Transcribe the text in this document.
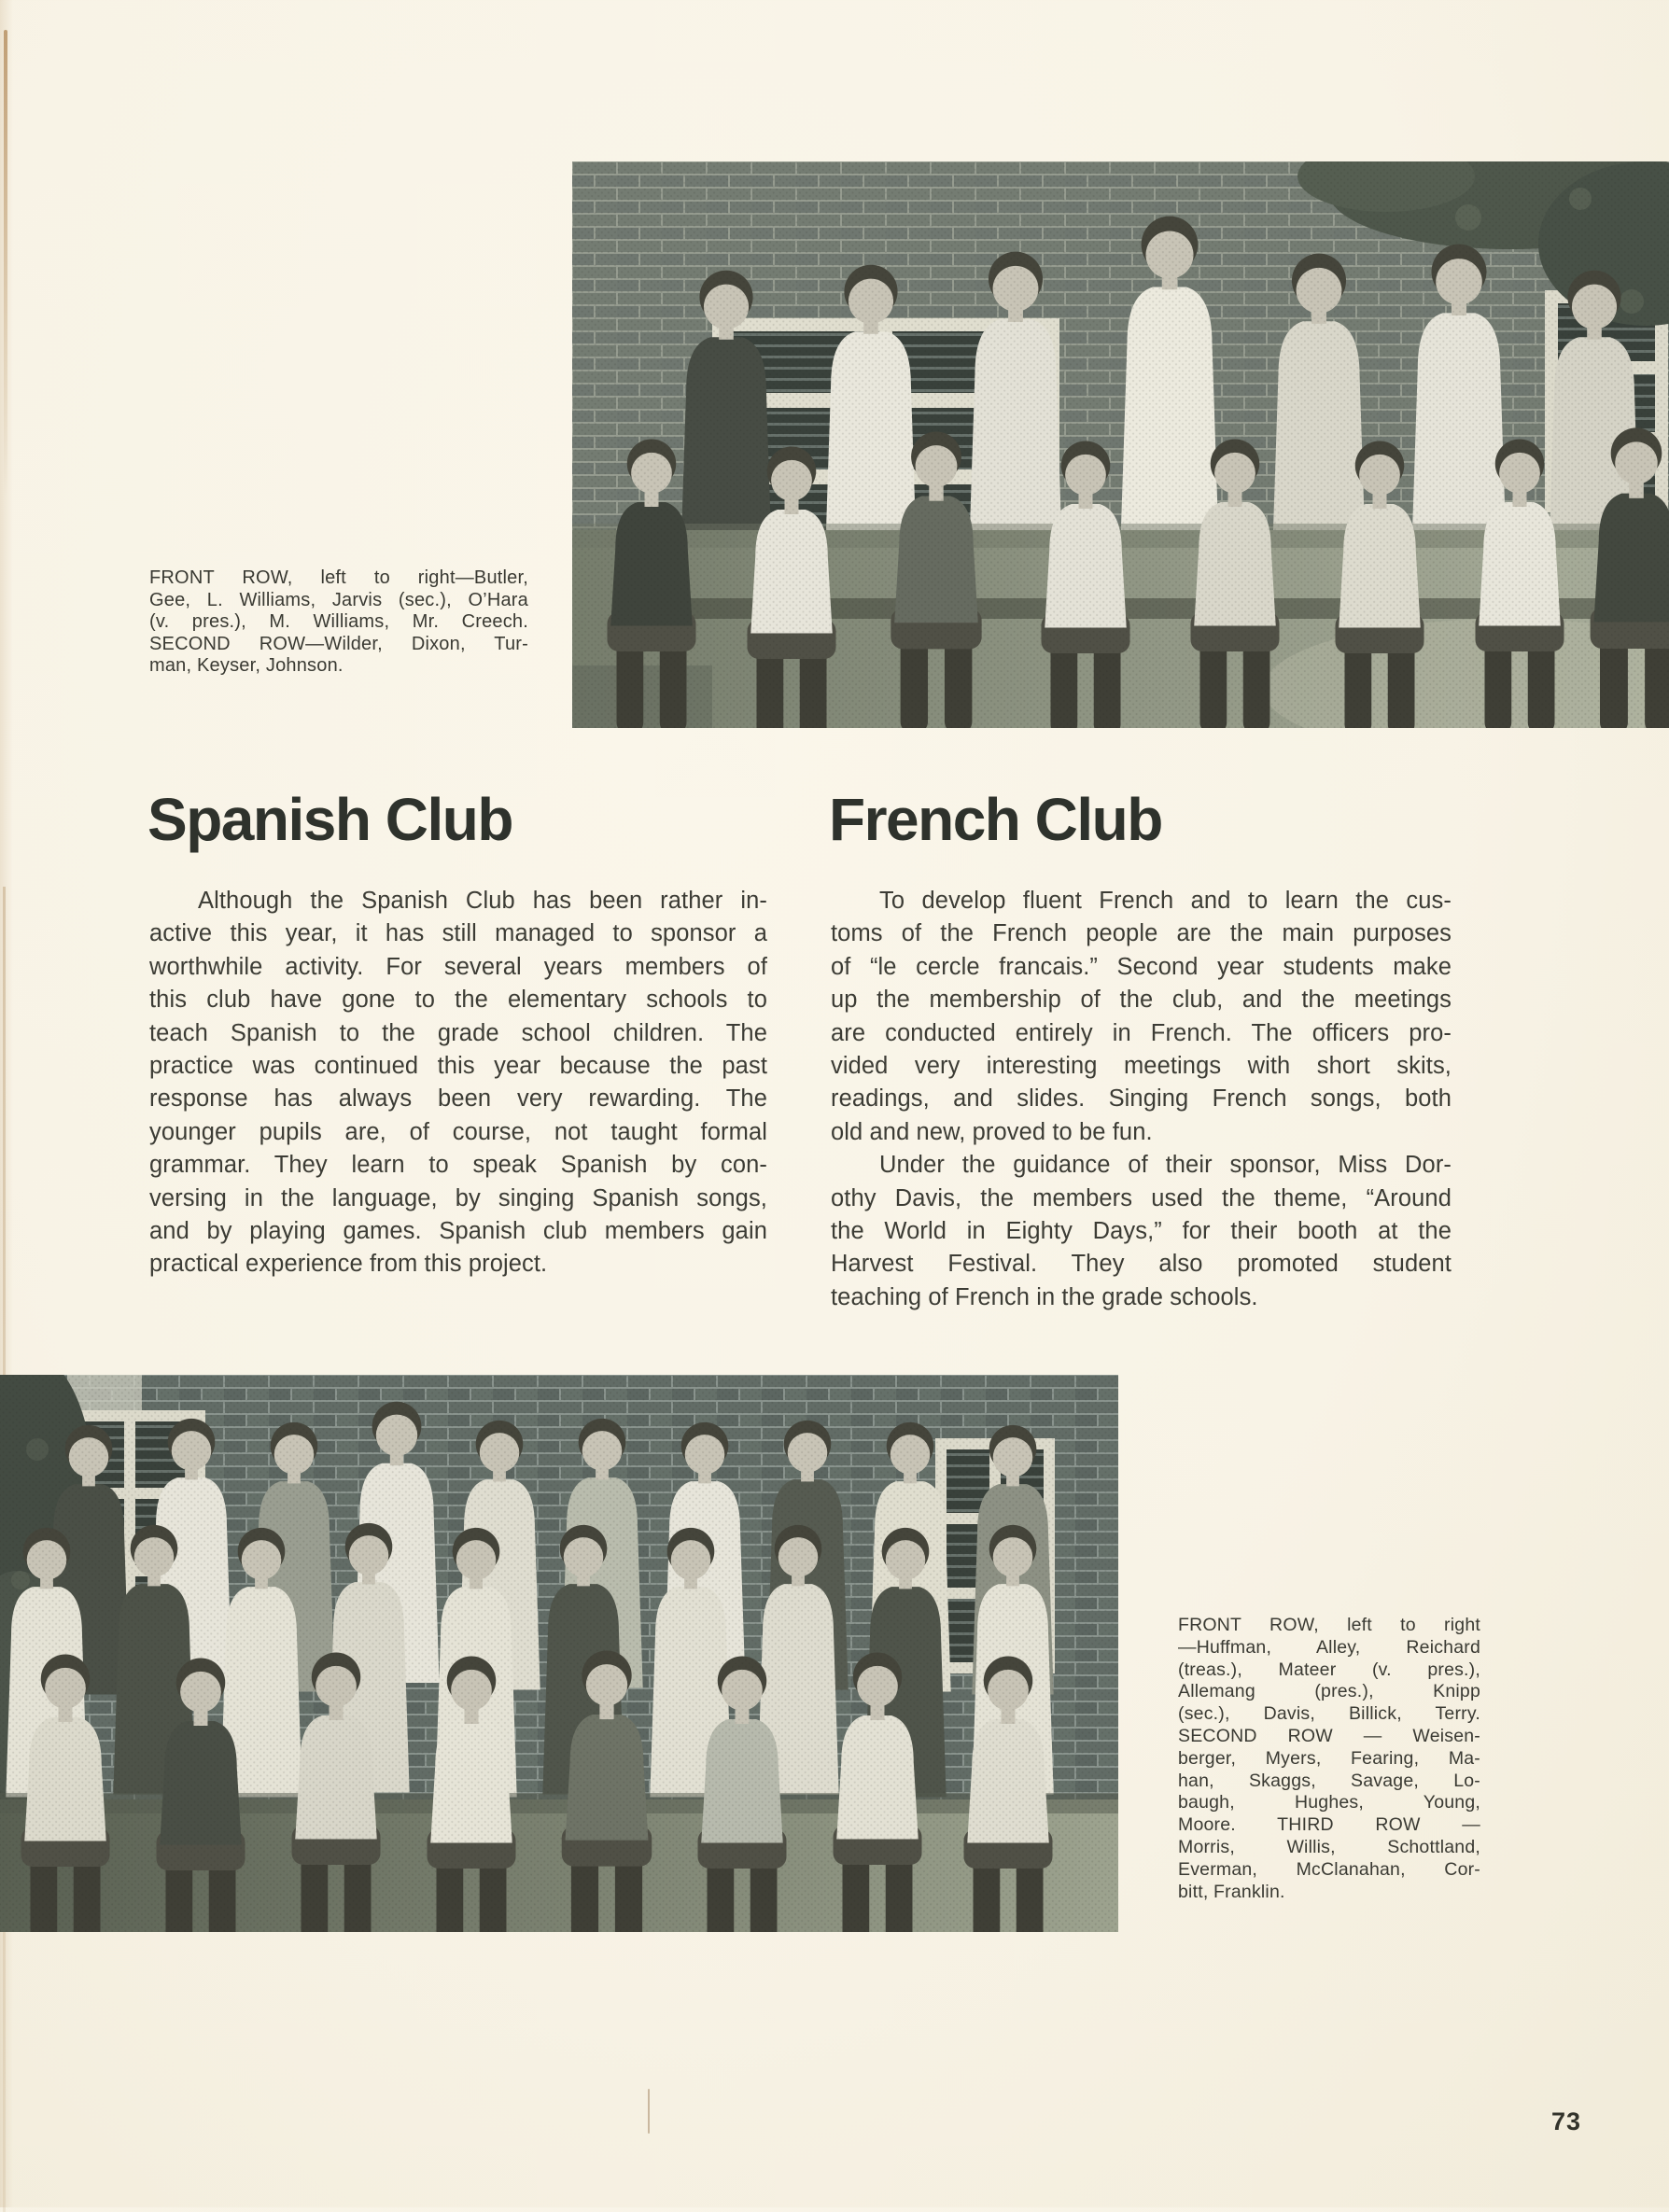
FRONT ROW, left to right—Butler,
Gee, L. Williams, Jarvis (sec.), O’Hara
(v. pres.), M. Williams, Mr. Creech.
SECOND ROW—Wilder, Dixon, Tur-
man, Keyser, Johnson.
Spanish Club	French Club
Although the Spanish Club has been rather in-
active this year, it has still managed to sponsor a
worthwhile activity. For several years members of
this club have gone to the elementary schools to
teach Spanish to the grade school children. The
practice was continued this year because the past
response has always been very rewarding. The
younger pupils are, of course, not taught formal
grammar. They learn to speak Spanish by con-
versing in the language, by singing Spanish songs,
and by playing games. Spanish club members gain
practical experience from this project.
To develop fluent French and to learn the cus-
toms of the French people are the main purposes
of “le cercle francais.” Second year students make
up the membership of the club, and the meetings
are conducted entirely in French. The officers pro-
vided very interesting meetings with short skits,
readings, and slides. Singing French songs, both
old and new, proved to be fun.
Under the guidance of their sponsor, Miss Dor-
othy Davis, the members used the theme, “Around
the World in Eighty Days,” for their booth at the
Harvest Festival. They also promoted student
teaching of French in the grade schools.
FRONT ROW, left to right
—Huffman, Alley, Reichard
(treas.), Mateer (v. pres.),
Allemang (pres.), Knipp
(sec.), Davis, Billick, Terry.
SECOND ROW — Weisen-
berger, Myers, Fearing, Ma-
han, Skaggs, Savage, Lo-
baugh, Hughes, Young,
Moore. THIRD ROW —
Morris, Willis, Schottland,
Everman, McClanahan, Cor-
bitt, Franklin.
73
